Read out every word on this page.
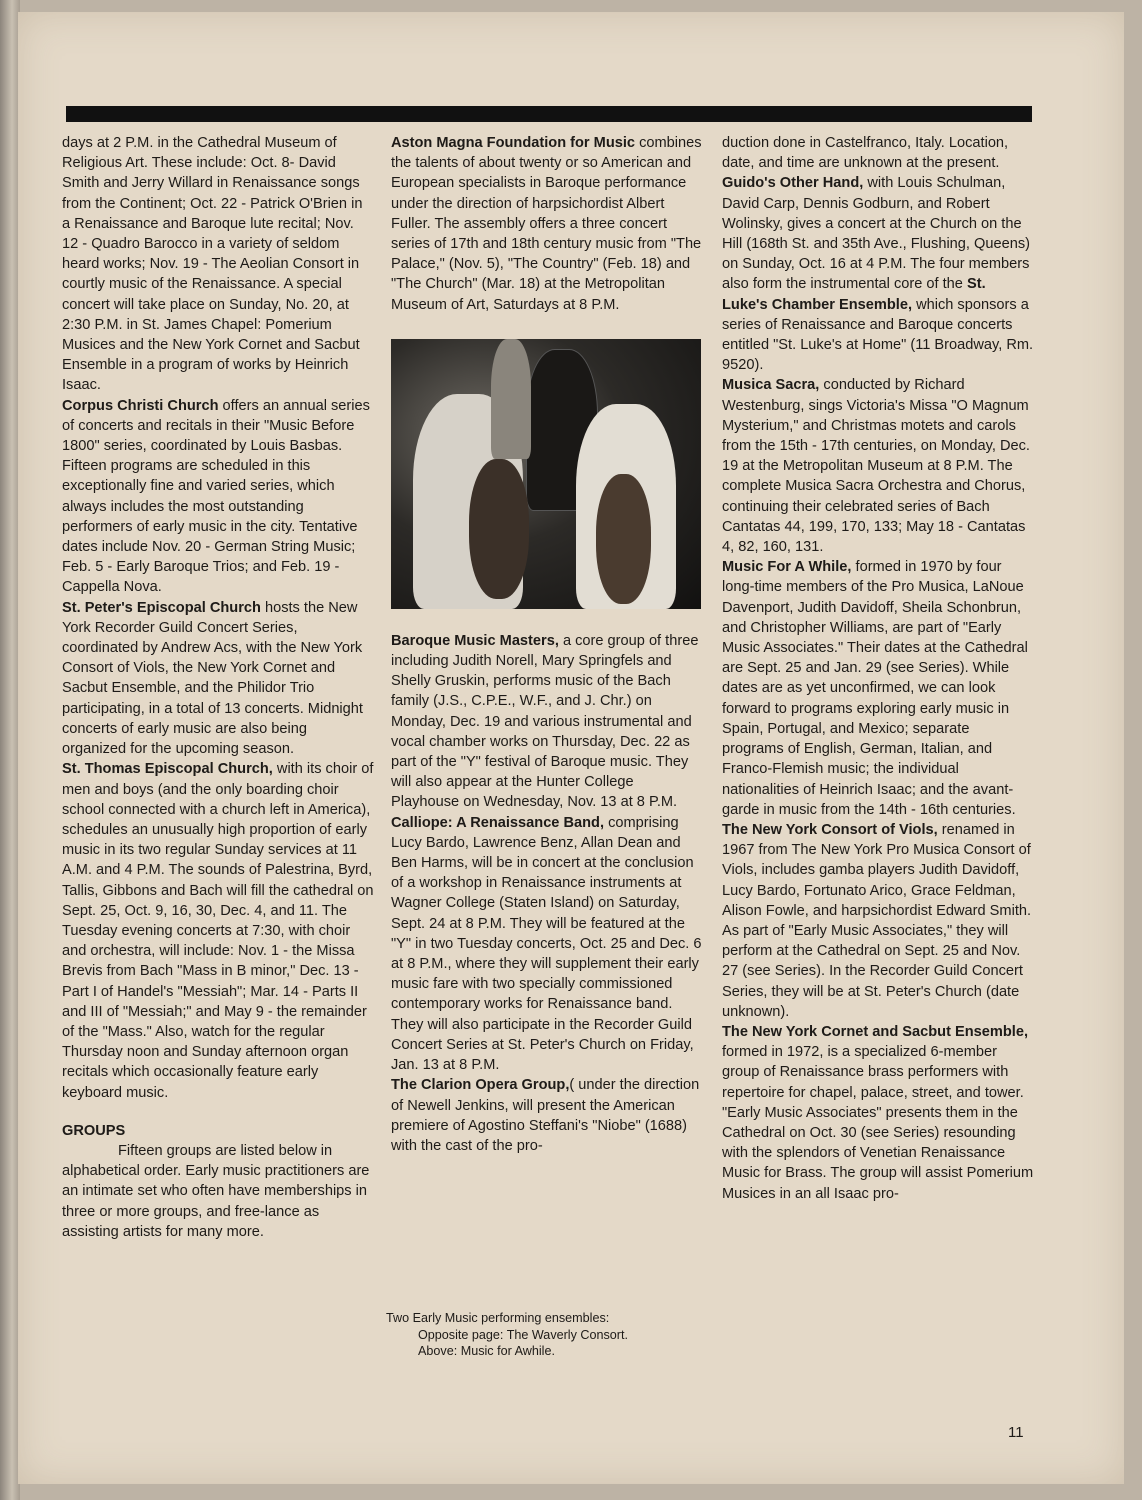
days at 2 P.M. in the Cathedral Museum of Religious Art. These include: Oct. 8- David Smith and Jerry Willard in Renaissance songs from the Continent; Oct. 22 - Patrick O'Brien in a Renaissance and Baroque lute recital; Nov. 12 - Quadro Barocco in a variety of seldom heard works; Nov. 19 - The Aeolian Consort in courtly music of the Renaissance. A special concert will take place on Sunday, No. 20, at 2:30 P.M. in St. James Chapel: Pomerium Musices and the New York Cornet and Sacbut Ensemble in a program of works by Heinrich Isaac.

Corpus Christi Church offers an annual series of concerts and recitals in their "Music Before 1800" series, coordinated by Louis Basbas. Fifteen programs are scheduled in this exceptionally fine and varied series, which always includes the most outstanding performers of early music in the city. Tentative dates include Nov. 20 - German String Music; Feb. 5 - Early Baroque Trios; and Feb. 19 - Cappella Nova.

St. Peter's Episcopal Church hosts the New York Recorder Guild Concert Series, coordinated by Andrew Acs, with the New York Consort of Viols, the New York Cornet and Sacbut Ensemble, and the Philidor Trio participating, in a total of 13 concerts. Midnight concerts of early music are also being organized for the upcoming season.

St. Thomas Episcopal Church, with its choir of men and boys (and the only boarding choir school connected with a church left in America), schedules an unusually high proportion of early music in its two regular Sunday services at 11 A.M. and 4 P.M. The sounds of Palestrina, Byrd, Tallis, Gibbons and Bach will fill the cathedral on Sept. 25, Oct. 9, 16, 30, Dec. 4, and 11. The Tuesday evening concerts at 7:30, with choir and orchestra, will include: Nov. 1 - the Missa Brevis from Bach "Mass in B minor," Dec. 13 - Part I of Handel's "Messiah"; Mar. 14 - Parts II and III of "Messiah;" and May 9 - the remainder of the "Mass." Also, watch for the regular Thursday noon and Sunday afternoon organ recitals which occasionally feature early keyboard music.

GROUPS

Fifteen groups are listed below in alphabetical order. Early music practitioners are an intimate set who often have memberships in three or more groups, and free-lance as assisting artists for many more.

Aston Magna Foundation for Music combines the talents of about twenty or so American and European specialists in Baroque performance under the direction of harpsichordist Albert Fuller. The assembly offers a three concert series of 17th and 18th century music from "The Palace," (Nov. 5), "The Country" (Feb. 18) and "The Church" (Mar. 18) at the Metropolitan Museum of Art, Saturdays at 8 P.M.

Baroque Music Masters, a core group of three including Judith Norell, Mary Springfels and Shelly Gruskin, performs music of the Bach family (J.S., C.P.E., W.F., and J. Chr.) on Monday, Dec. 19 and various instrumental and vocal chamber works on Thursday, Dec. 22 as part of the "Y" festival of Baroque music. They will also appear at the Hunter College Playhouse on Wednesday, Nov. 13 at 8 P.M.

Calliope: A Renaissance Band, comprising Lucy Bardo, Lawrence Benz, Allan Dean and Ben Harms, will be in concert at the conclusion of a workshop in Renaissance instruments at Wagner College (Staten Island) on Saturday, Sept. 24 at 8 P.M. They will be featured at the "Y" in two Tuesday concerts, Oct. 25 and Dec. 6 at 8 P.M., where they will supplement their early music fare with two specially commissioned contemporary works for Renaissance band. They will also participate in the Recorder Guild Concert Series at St. Peter's Church on Friday, Jan. 13 at 8 P.M.

The Clarion Opera Group,( under the direction of Newell Jenkins, will present the American premiere of Agostino Steffani's "Niobe" (1688) with the cast of the pro-

Two Early Music performing ensembles:
Opposite page: The Waverly Consort.
Above: Music for Awhile.

duction done in Castelfranco, Italy. Location, date, and time are unknown at the present.

Guido's Other Hand, with Louis Schulman, David Carp, Dennis Godburn, and Robert Wolinsky, gives a concert at the Church on the Hill (168th St. and 35th Ave., Flushing, Queens) on Sunday, Oct. 16 at 4 P.M. The four members also form the instrumental core of the St. Luke's Chamber Ensemble, which sponsors a series of Renaissance and Baroque concerts entitled "St. Luke's at Home" (11 Broadway, Rm. 9520).

Musica Sacra, conducted by Richard Westenburg, sings Victoria's Missa "O Magnum Mysterium," and Christmas motets and carols from the 15th - 17th centuries, on Monday, Dec. 19 at the Metropolitan Museum at 8 P.M. The complete Musica Sacra Orchestra and Chorus, continuing their celebrated series of Bach Cantatas 44, 199, 170, 133; May 18 - Cantatas 4, 82, 160, 131.

Music For A While, formed in 1970 by four long-time members of the Pro Musica, LaNoue Davenport, Judith Davidoff, Sheila Schonbrun, and Christopher Williams, are part of "Early Music Associates." Their dates at the Cathedral are Sept. 25 and Jan. 29 (see Series). While dates are as yet unconfirmed, we can look forward to programs exploring early music in Spain, Portugal, and Mexico; separate programs of English, German, Italian, and Franco-Flemish music; the individual nationalities of Heinrich Isaac; and the avant-garde in music from the 14th - 16th centuries.

The New York Consort of Viols, renamed in 1967 from The New York Pro Musica Consort of Viols, includes gamba players Judith Davidoff, Lucy Bardo, Fortunato Arico, Grace Feldman, Alison Fowle, and harpsichordist Edward Smith. As part of "Early Music Associates," they will perform at the Cathedral on Sept. 25 and Nov. 27 (see Series). In the Recorder Guild Concert Series, they will be at St. Peter's Church (date unknown).

The New York Cornet and Sacbut Ensemble, formed in 1972, is a specialized 6-member group of Renaissance brass performers with repertoire for chapel, palace, street, and tower. "Early Music Associates" presents them in the Cathedral on Oct. 30 (see Series) resounding with the splendors of Venetian Renaissance Music for Brass. The group will assist Pomerium Musices in an all Isaac pro-

11
